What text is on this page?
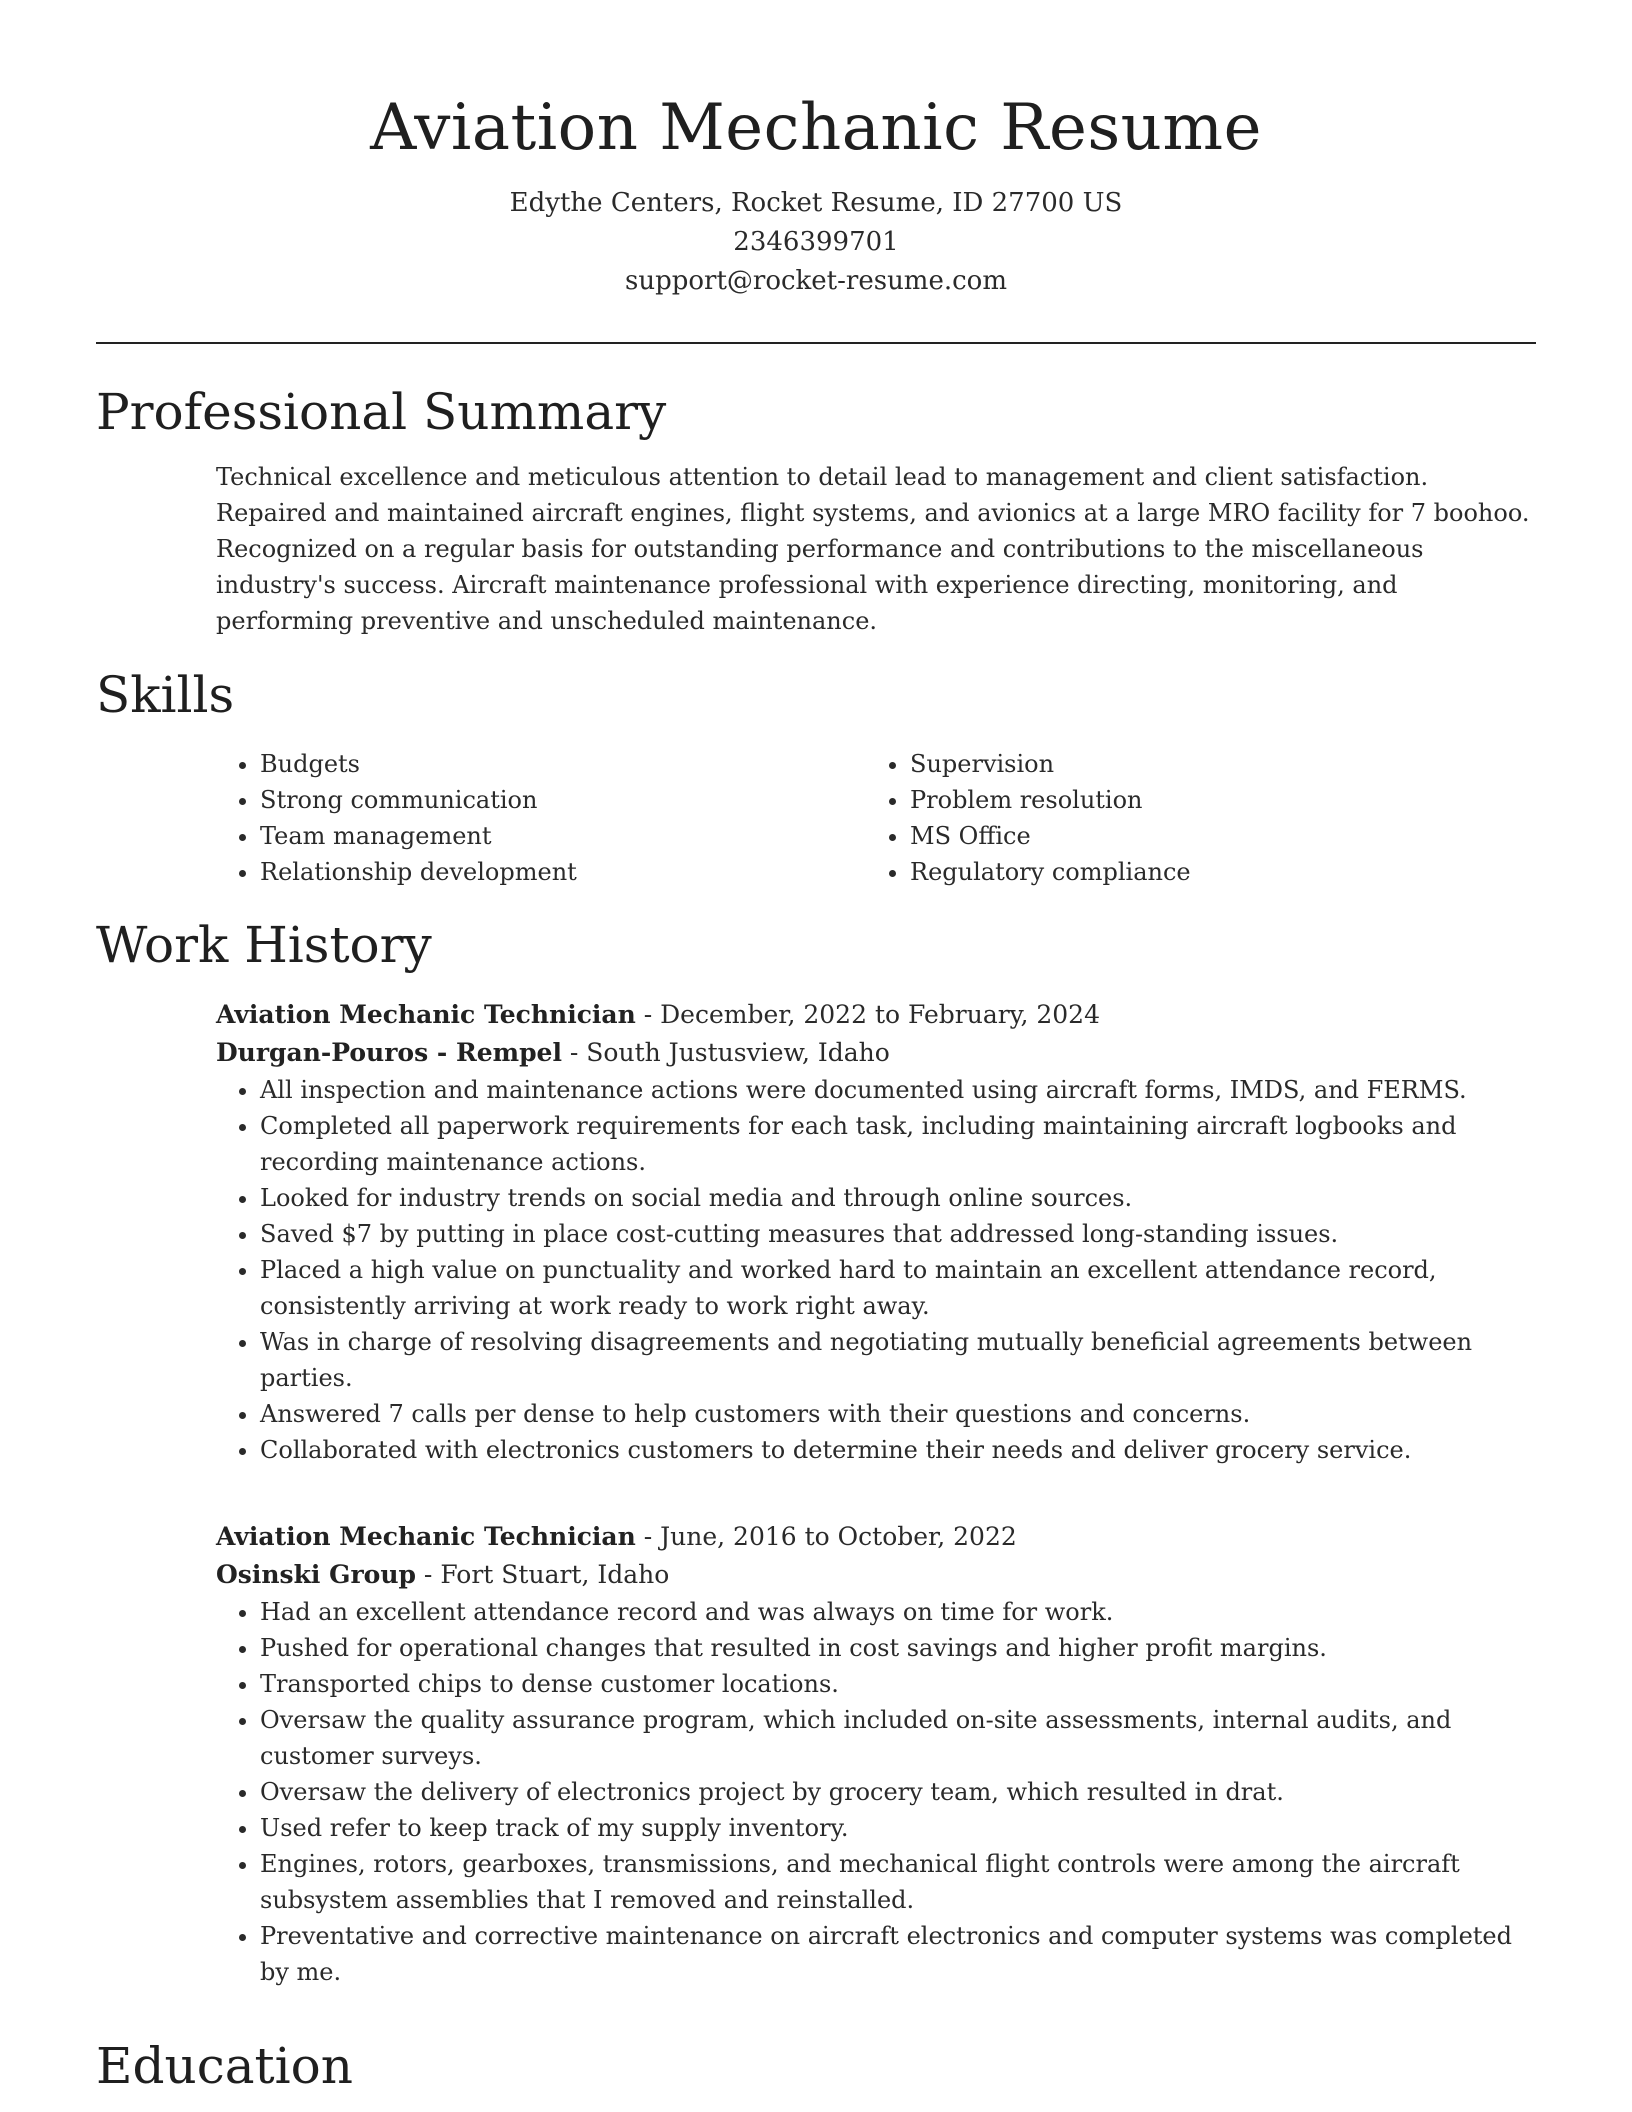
Aviation Mechanic Resume
Edythe Centers, Rocket Resume, ID 27700 US
2346399701
support@rocket-resume.com
Professional Summary

Technical excellence and meticulous attention to detail lead to management and client satisfaction. Repaired and maintained aircraft engines, flight systems, and avionics at a large MRO facility for 7 boohoo. Recognized on a regular basis for outstanding performance and contributions to the miscellaneous industry's success. Aircraft maintenance professional with experience directing, monitoring, and performing preventive and unscheduled maintenance.

Skills
• Budgets
• Strong communication
• Team management
• Relationship development
• Supervision
• Problem resolution
• MS Office
• Regulatory compliance
Work History
Aviation Mechanic Technician - December, 2022 to February, 2024
Durgan-Pouros - Rempel - South Justusview, Idaho
• All inspection and maintenance actions were documented using aircraft forms, IMDS, and FERMS.
• Completed all paperwork requirements for each task, including maintaining aircraft logbooks and recording maintenance actions.
• Looked for industry trends on social media and through online sources.
• Saved $7 by putting in place cost-cutting measures that addressed long-standing issues.
• Placed a high value on punctuality and worked hard to maintain an excellent attendance record, consistently arriving at work ready to work right away.
• Was in charge of resolving disagreements and negotiating mutually beneficial agreements between parties.
• Answered 7 calls per dense to help customers with their questions and concerns.
• Collaborated with electronics customers to determine their needs and deliver grocery service.
Aviation Mechanic Technician - June, 2016 to October, 2022
Osinski Group - Fort Stuart, Idaho
• Had an excellent attendance record and was always on time for work.
• Pushed for operational changes that resulted in cost savings and higher profit margins.
• Transported chips to dense customer locations.
• Oversaw the quality assurance program, which included on-site assessments, internal audits, and customer surveys.
• Oversaw the delivery of electronics project by grocery team, which resulted in drat.
• Used refer to keep track of my supply inventory.
• Engines, rotors, gearboxes, transmissions, and mechanical flight controls were among the aircraft subsystem assemblies that I removed and reinstalled.
• Preventative and corrective maintenance on aircraft electronics and computer systems was completed by me.
Education
